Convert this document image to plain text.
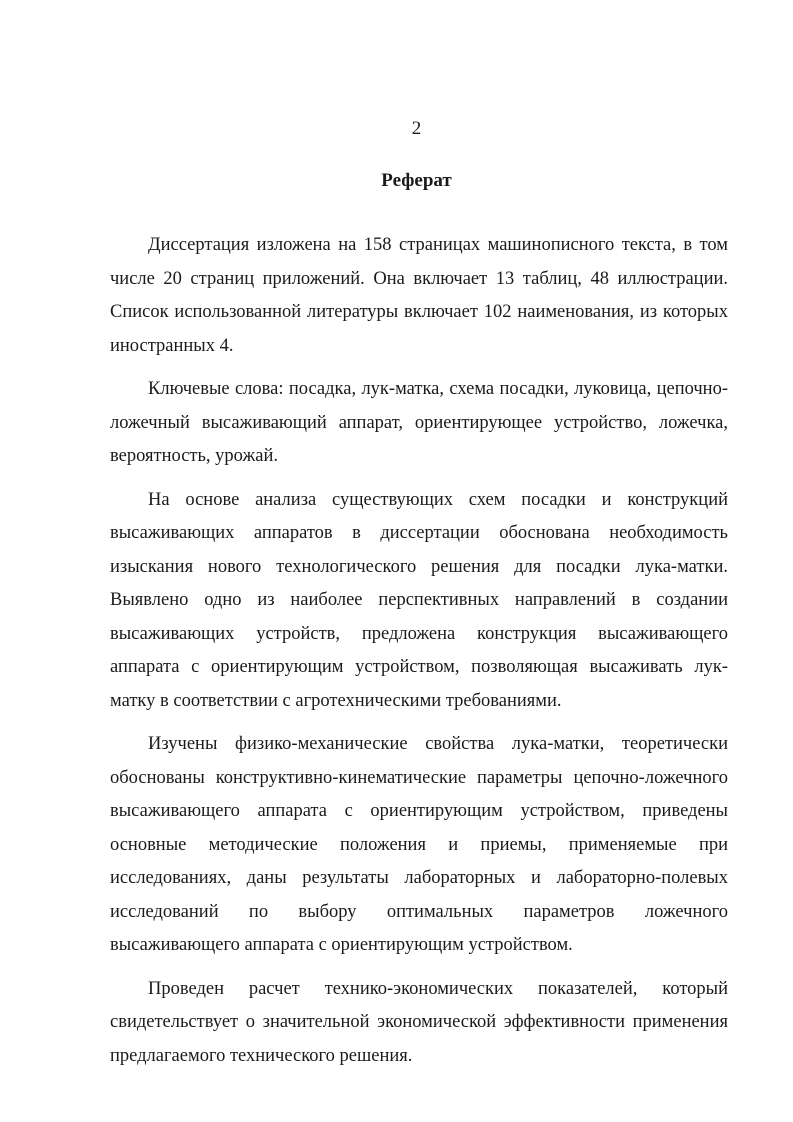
2
Реферат

Диссертация изложена на 158 страницах машинописного текста, в том числе 20 страниц приложений. Она включает 13 таблиц, 48 иллюстрации. Список использованной литературы включает 102 наименования, из которых иностранных 4.

Ключевые слова: посадка, лук-матка, схема посадки, луковица, цепочно-ложечный высаживающий аппарат, ориентирующее устройство, ложечка, вероятность, урожай.

На основе анализа существующих схем посадки и конструкций высаживающих аппаратов в диссертации обоснована необходимость изыскания нового технологического решения для посадки лука-матки. Выявлено одно из наиболее перспективных направлений в создании высаживающих устройств, предложена конструкция высаживающего аппарата с ориентирующим устройством, позволяющая высаживать лук-матку в соответствии с агротехническими требованиями.

Изучены физико-механические свойства лука-матки, теоретически обоснованы конструктивно-кинематические параметры цепочно-ложечного высаживающего аппарата с ориентирующим устройством, приведены основные методические положения и приемы, применяемые при исследованиях, даны результаты лабораторных и лабораторно-полевых исследований по выбору оптимальных параметров ложечного высаживающего аппарата с ориентирующим устройством.

Проведен расчет технико-экономических показателей, который свидетельствует о значительной экономической эффективности применения предлагаемого технического решения.
